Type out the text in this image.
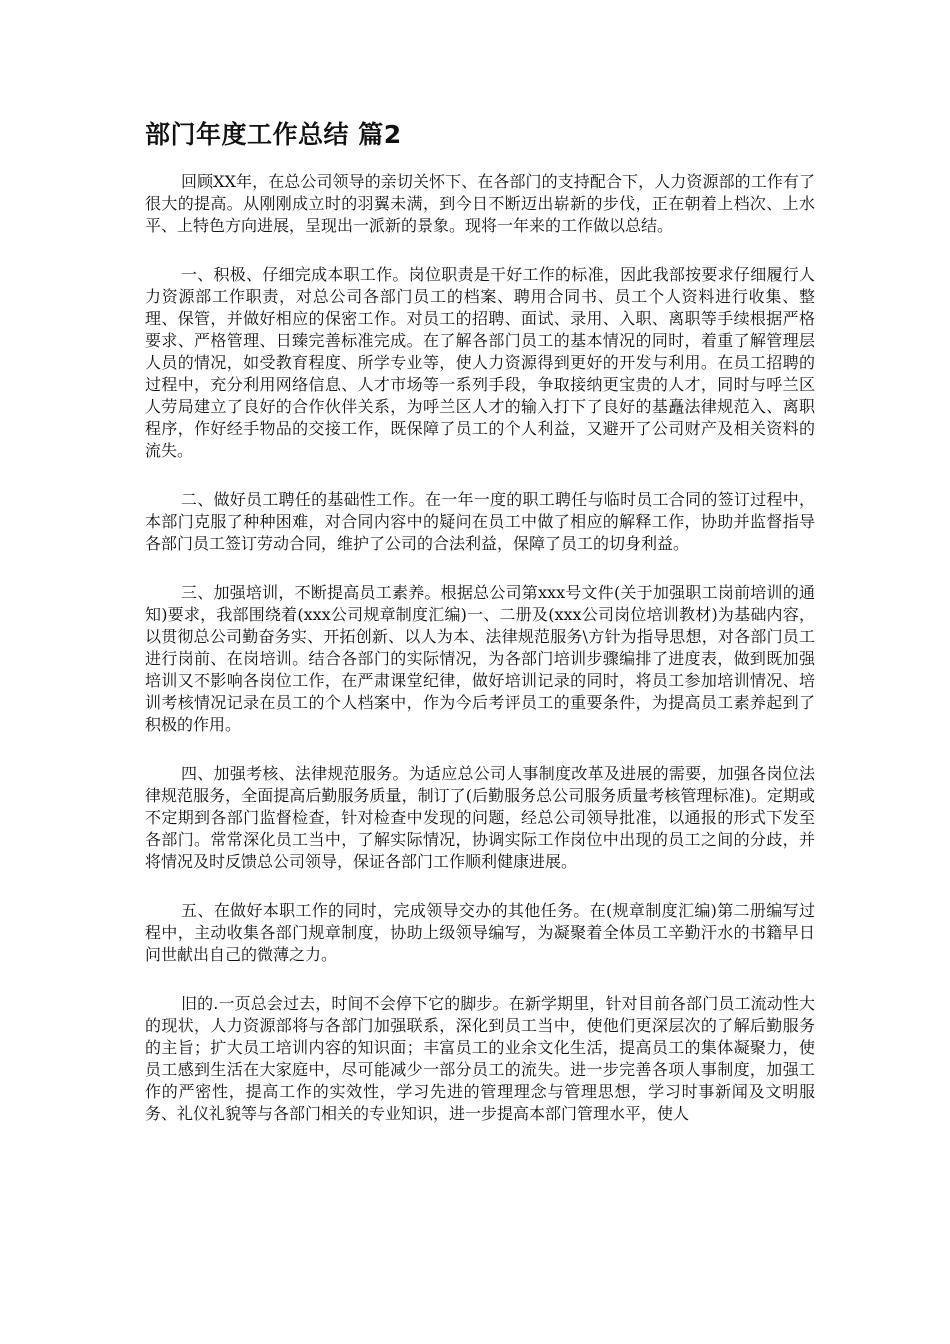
部门年度工作总结 篇2

回顾XX年，在总公司领导的亲切关怀下、在各部门的支持配合下，人力资源部的工作有了很大的提高。从刚刚成立时的羽翼未满，到今日不断迈出崭新的步伐，正在朝着上档次、上水平、上特色方向进展，呈现出一派新的景象。现将一年来的工作做以总结。

一、积极、仔细完成本职工作。岗位职责是干好工作的标准，因此我部按要求仔细履行人力资源部工作职责，对总公司各部门员工的档案、聘用合同书、员工个人资料进行收集、整理、保管，并做好相应的保密工作。对员工的招聘、面试、录用、入职、离职等手续根据严格要求、严格管理、日臻完善标准完成。在了解各部门员工的基本情况的同时，着重了解管理层人员的情况，如受教育程度、所学专业等，使人力资源得到更好的开发与利用。在员工招聘的过程中，充分利用网络信息、人才市场等一系列手段，争取接纳更宝贵的人才，同时与呼兰区人劳局建立了良好的合作伙伴关系，为呼兰区人才的输入打下了良好的基矗法律规范入、离职程序，作好经手物品的交接工作，既保障了员工的个人利益，又避开了公司财产及相关资料的流失。

二、做好员工聘任的基础性工作。在一年一度的职工聘任与临时员工合同的签订过程中，本部门克服了种种困难，对合同内容中的疑问在员工中做了相应的解释工作，协助并监督指导各部门员工签订劳动合同，维护了公司的合法利益，保障了员工的切身利益。

三、加强培训，不断提高员工素养。根据总公司第xxx号文件(关于加强职工岗前培训的通知)要求，我部围绕着(xxx公司规章制度汇编)一、二册及(xxx公司岗位培训教材)为基础内容，以贯彻总公司勤奋务实、开拓创新、以人为本、法律规范服务\方针为指导思想，对各部门员工进行岗前、在岗培训。结合各部门的实际情况，为各部门培训步骤编排了进度表，做到既加强培训又不影响各岗位工作，在严肃课堂纪律，做好培训记录的同时，将员工参加培训情况、培训考核情况记录在员工的个人档案中，作为今后考评员工的重要条件，为提高员工素养起到了积极的作用。

四、加强考核、法律规范服务。为适应总公司人事制度改革及进展的需要，加强各岗位法律规范服务，全面提高后勤服务质量，制订了(后勤服务总公司服务质量考核管理标准)。定期或不定期到各部门监督检查，针对检查中发现的问题，经总公司领导批准，以通报的形式下发至各部门。常常深化员工当中，了解实际情况，协调实际工作岗位中出现的员工之间的分歧，并将情况及时反馈总公司领导，保证各部门工作顺利健康进展。

五、在做好本职工作的同时，完成领导交办的其他任务。在(规章制度汇编)第二册编写过程中，主动收集各部门规章制度，协助上级领导编写，为凝聚着全体员工辛勤汗水的书籍早日问世献出自己的微薄之力。

旧的.一页总会过去，时间不会停下它的脚步。在新学期里，针对目前各部门员工流动性大的现状，人力资源部将与各部门加强联系，深化到员工当中，使他们更深层次的了解后勤服务的主旨；扩大员工培训内容的知识面；丰富员工的业余文化生活，提高员工的集体凝聚力，使员工感到生活在大家庭中，尽可能减少一部分员工的流失。进一步完善各项人事制度，加强工作的严密性，提高工作的实效性，学习先进的管理理念与管理思想，学习时事新闻及文明服务、礼仪礼貌等与各部门相关的专业知识，进一步提高本部门管理水平，使人
